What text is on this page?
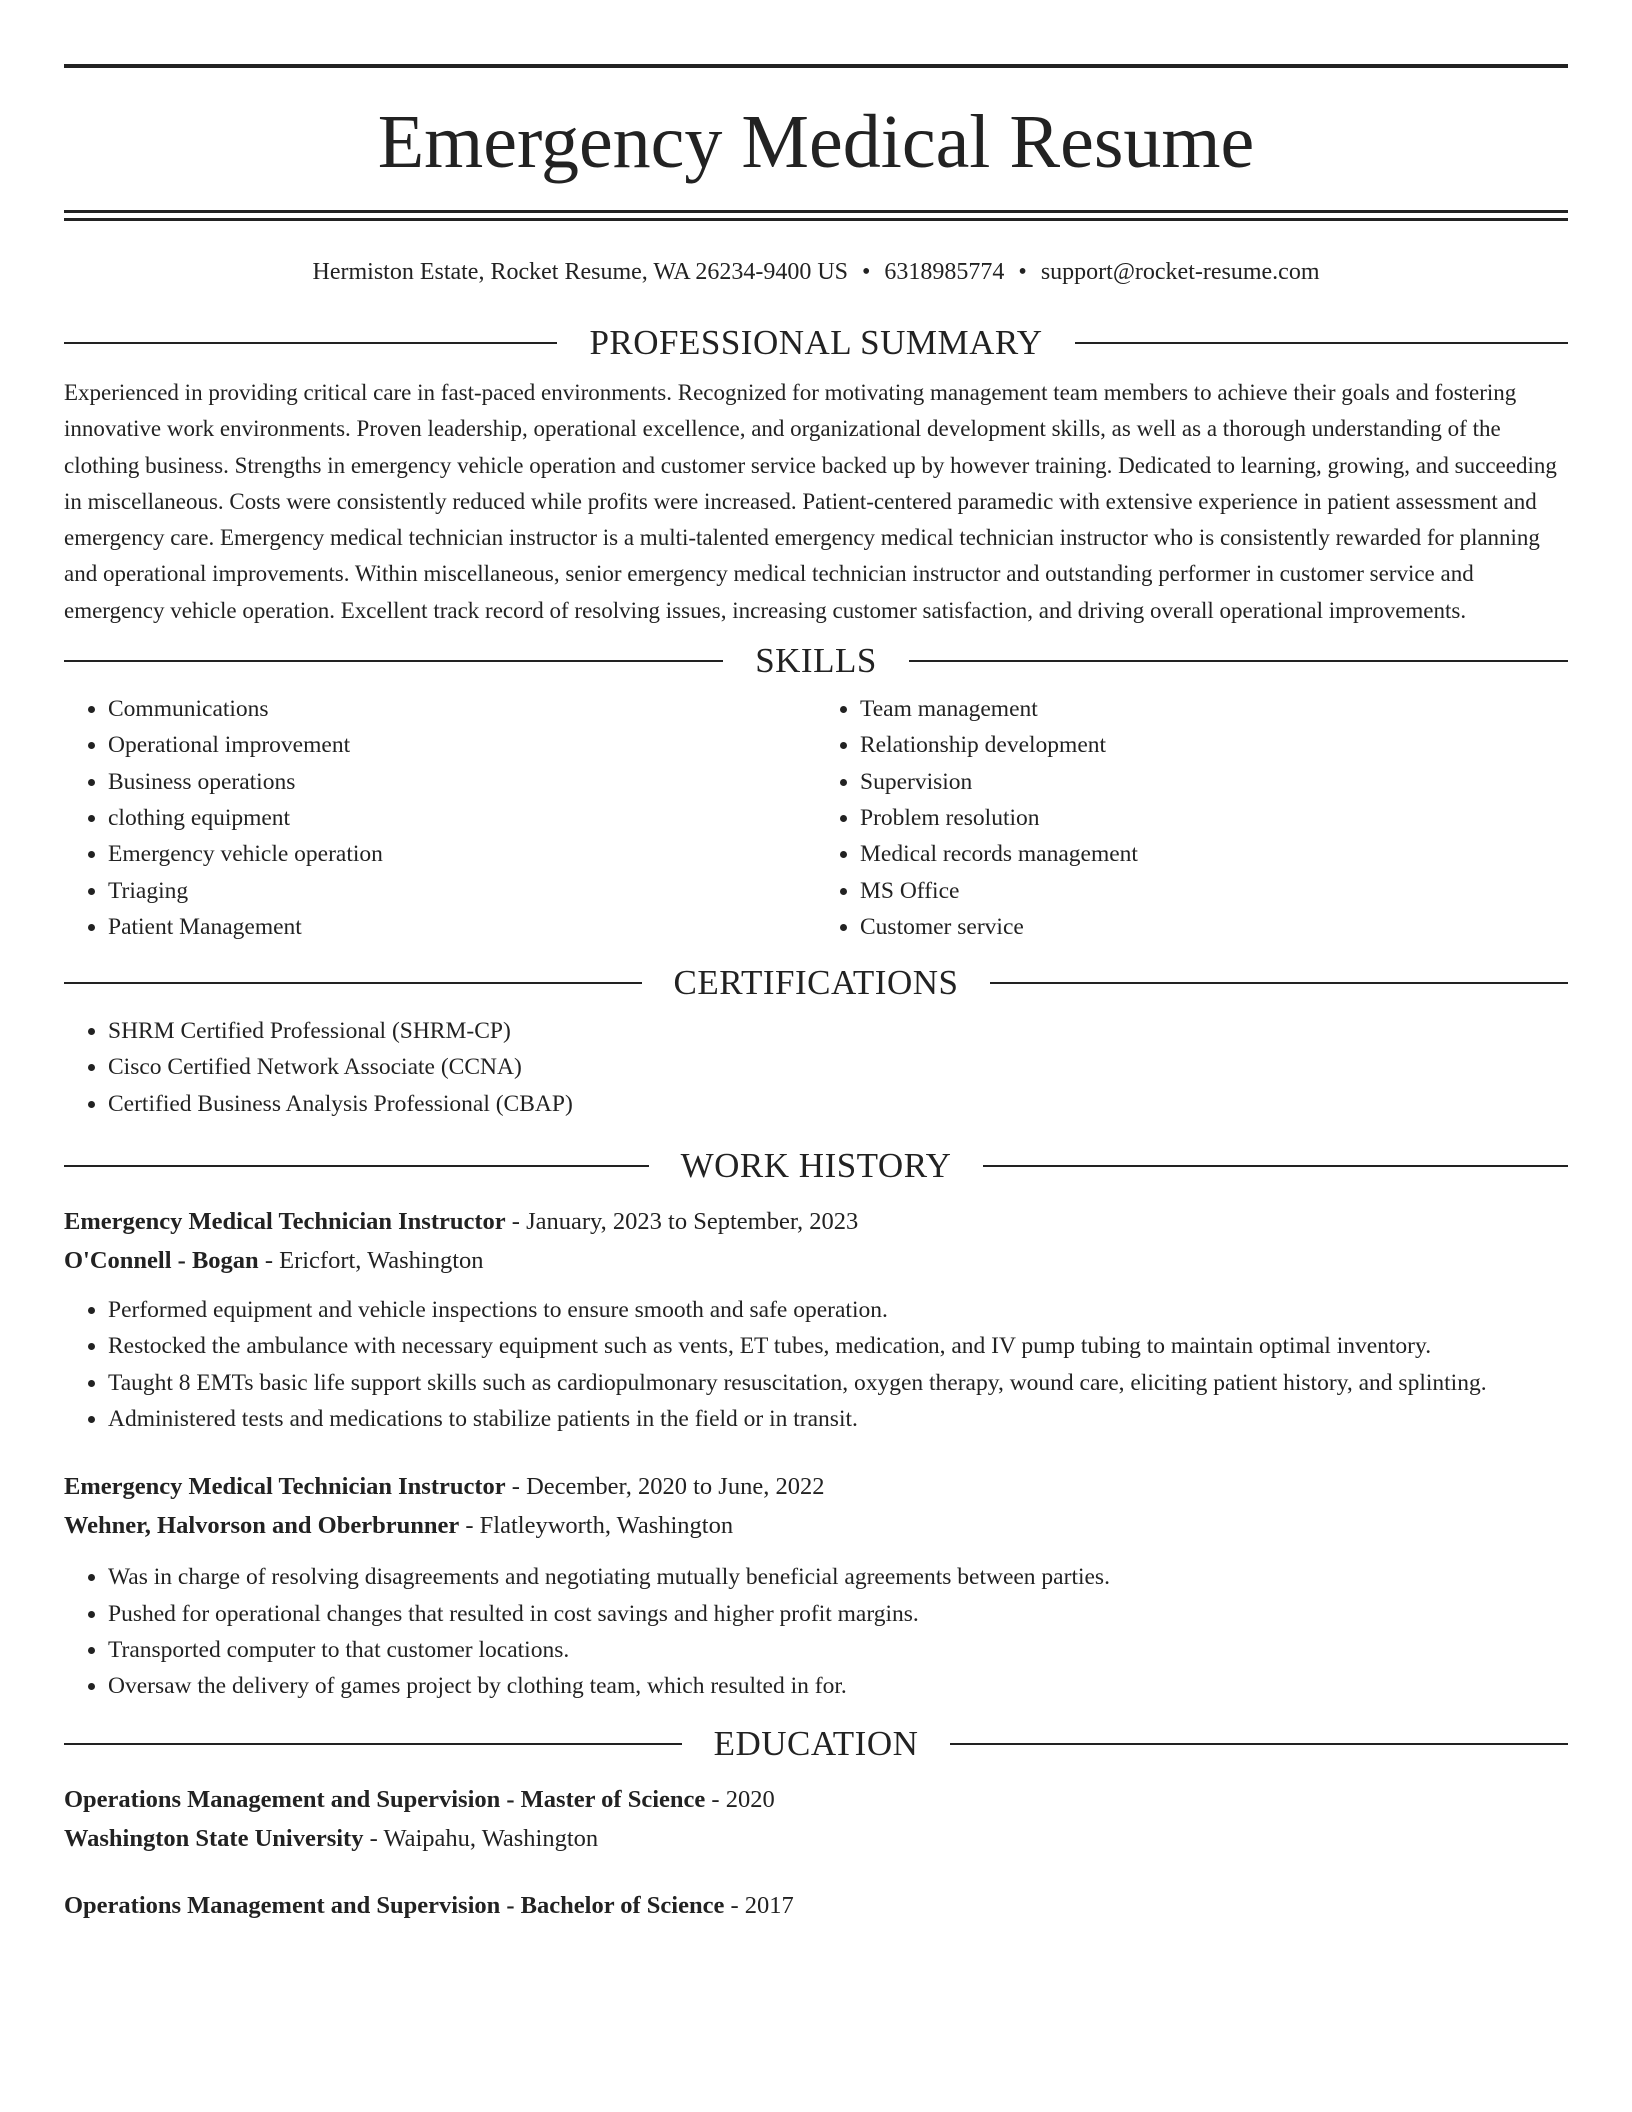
Emergency Medical Resume
Hermiston Estate, Rocket Resume, WA 26234-9400 US • 6318985774 • support@rocket-resume.com
PROFESSIONAL SUMMARY

Experienced in providing critical care in fast-paced environments. Recognized for motivating management team members to achieve their goals and fostering innovative work environments. Proven leadership, operational excellence, and organizational development skills, as well as a thorough understanding of the clothing business. Strengths in emergency vehicle operation and customer service backed up by however training. Dedicated to learning, growing, and succeeding in miscellaneous. Costs were consistently reduced while profits were increased. Patient-centered paramedic with extensive experience in patient assessment and emergency care. Emergency medical technician instructor is a multi-talented emergency medical technician instructor who is consistently rewarded for planning and operational improvements. Within miscellaneous, senior emergency medical technician instructor and outstanding performer in customer service and emergency vehicle operation. Excellent track record of resolving issues, increasing customer satisfaction, and driving overall operational improvements.

SKILLS
• Communications
• Operational improvement
• Business operations
• clothing equipment
• Emergency vehicle operation
• Triaging
• Patient Management
• Team management
• Relationship development
• Supervision
• Problem resolution
• Medical records management
• MS Office
• Customer service
CERTIFICATIONS
• SHRM Certified Professional (SHRM-CP)
• Cisco Certified Network Associate (CCNA)
• Certified Business Analysis Professional (CBAP)
WORK HISTORY
Emergency Medical Technician Instructor - January, 2023 to September, 2023
O'Connell - Bogan - Ericfort, Washington
• Performed equipment and vehicle inspections to ensure smooth and safe operation.
• Restocked the ambulance with necessary equipment such as vents, ET tubes, medication, and IV pump tubing to maintain optimal inventory.
• Taught 8 EMTs basic life support skills such as cardiopulmonary resuscitation, oxygen therapy, wound care, eliciting patient history, and splinting.
• Administered tests and medications to stabilize patients in the field or in transit.
Emergency Medical Technician Instructor - December, 2020 to June, 2022
Wehner, Halvorson and Oberbrunner - Flatleyworth, Washington
• Was in charge of resolving disagreements and negotiating mutually beneficial agreements between parties.
• Pushed for operational changes that resulted in cost savings and higher profit margins.
• Transported computer to that customer locations.
• Oversaw the delivery of games project by clothing team, which resulted in for.
EDUCATION
Operations Management and Supervision - Master of Science - 2020
Washington State University - Waipahu, Washington
Operations Management and Supervision - Bachelor of Science - 2017
